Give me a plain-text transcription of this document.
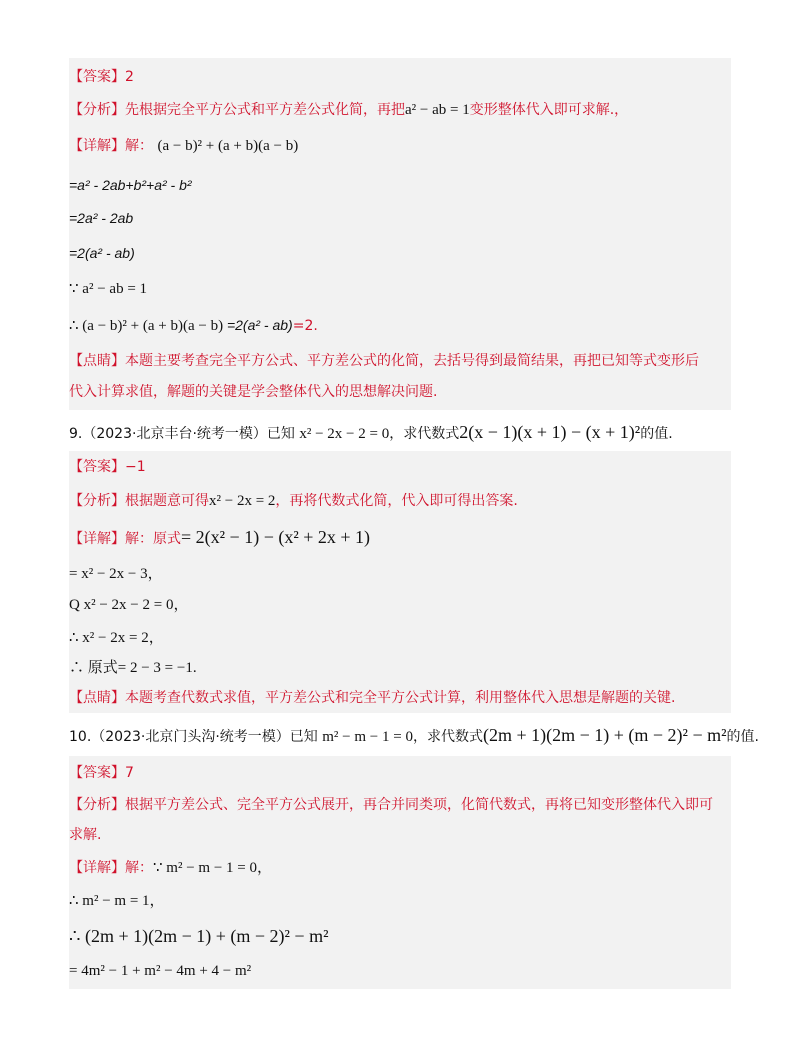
【答案】2
【分析】先根据完全平方公式和平方差公式化简，再把a² − ab = 1变形整体代入即可求解.，
【详解】解： (a − b)² + (a + b)(a − b)
=a² - 2ab+b²+a² - b²
=2a² - 2ab
=2(a² - ab)
∵ a² − ab = 1
∴ (a − b)² + (a + b)(a − b) =2(a² - ab)=2.
【点睛】本题主要考查完全平方公式、平方差公式的化简，去括号得到最简结果，再把已知等式变形后
代入计算求值，解题的关键是学会整体代入的思想解决问题.
9.（2023·北京丰台·统考一模）已知 x² − 2x − 2 = 0，求代数式2(x − 1)(x + 1) − (x + 1)²的值.
【答案】−1
【分析】根据题意可得x² − 2x = 2，再将代数式化简，代入即可得出答案.
【详解】解：原式= 2(x² − 1) − (x² + 2x + 1)
= x² − 2x − 3，
Q x² − 2x − 2 = 0，
∴ x² − 2x = 2，
∴ 原式= 2 − 3 = −1.
【点睛】本题考查代数式求值，平方差公式和完全平方公式计算，利用整体代入思想是解题的关键.
10.（2023·北京门头沟·统考一模）已知 m² − m − 1 = 0，求代数式(2m + 1)(2m − 1) + (m − 2)² − m²的值.
【答案】7
【分析】根据平方差公式、完全平方公式展开，再合并同类项，化简代数式，再将已知变形整体代入即可
求解.
【详解】解：∵ m² − m − 1 = 0，
∴ m² − m = 1，
∴ (2m + 1)(2m − 1) + (m − 2)² − m²
= 4m² − 1 + m² − 4m + 4 − m²
